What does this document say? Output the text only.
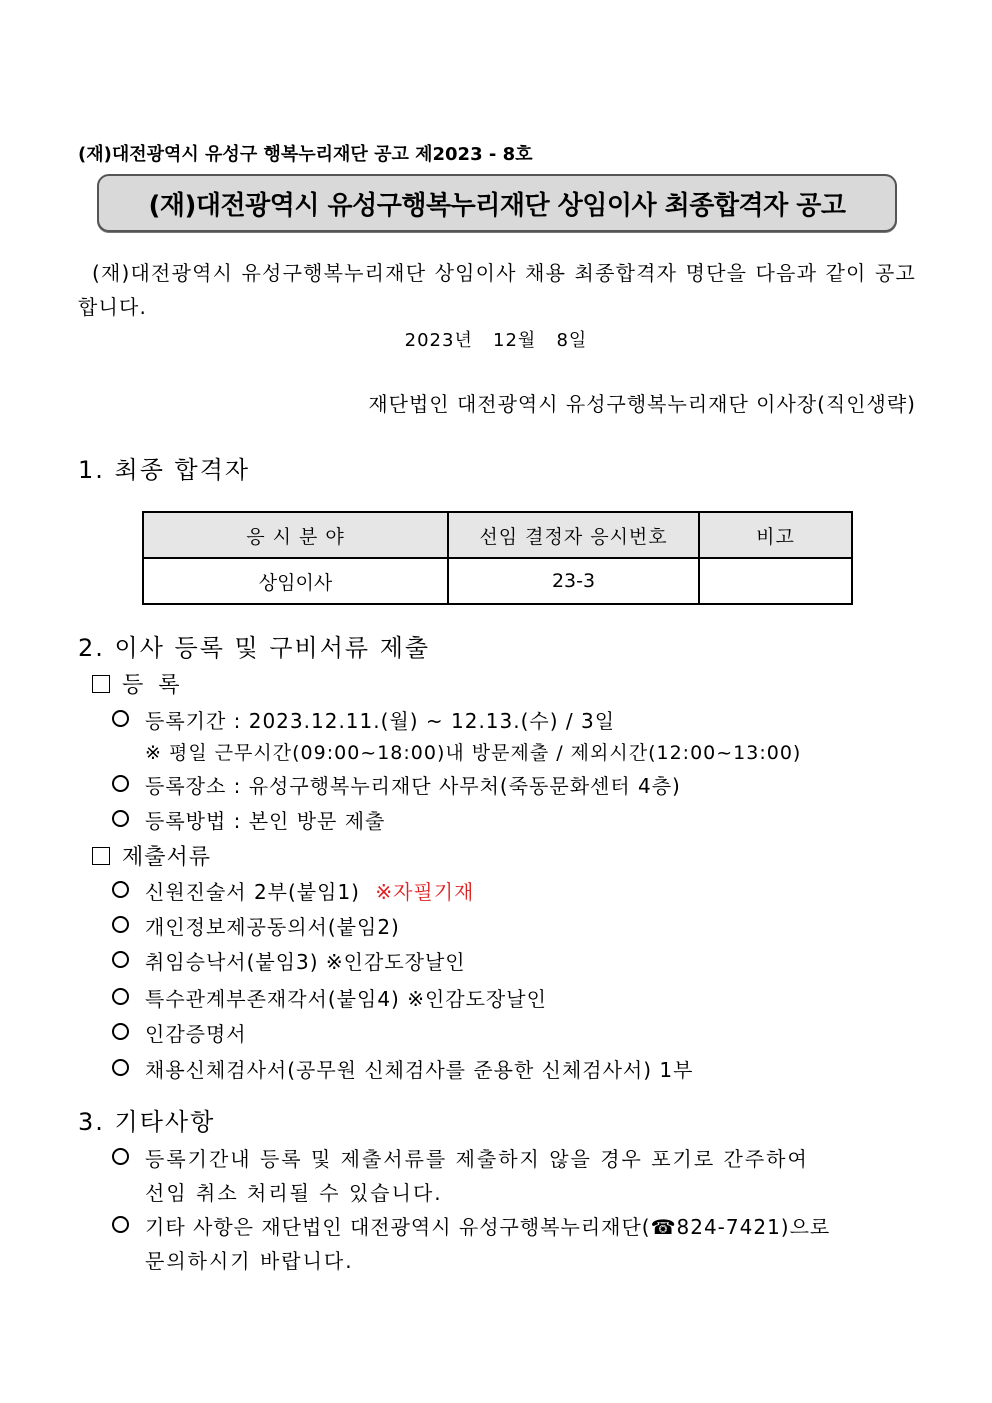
(재)대전광역시 유성구 행복누리재단 공고 제2023 - 8호
(재)대전광역시 유성구행복누리재단 상임이사 최종합격자 공고
(재)대전광역시 유성구행복누리재단 상임이사 채용 최종합격자 명단을 다음과 같이 공고합니다.
2023년   12월   8일
재단법인 대전광역시 유성구행복누리재단 이사장(직인생략)
1. 최종 합격자
응 시 분 야	선임 결정자 응시번호	비고
상임이사	23-3	
2. 이사 등록 및 구비서류 제출
등 록
등록기간 : 2023.12.11.(월) ~ 12.13.(수) / 3일
※ 평일 근무시간(09:00~18:00)내 방문제출 / 제외시간(12:00~13:00)
등록장소 : 유성구행복누리재단 사무처(죽동문화센터 4층)
등록방법 : 본인 방문 제출
제출서류
신원진술서 2부(붙임1) ※자필기재
개인정보제공동의서(붙임2)
취임승낙서(붙임3) ※인감도장날인
특수관계부존재각서(붙임4) ※인감도장날인
인감증명서
채용신체검사서(공무원 신체검사를 준용한 신체검사서) 1부
3. 기타사항
등록기간내 등록 및 제출서류를 제출하지 않을 경우 포기로 간주하여
선임 취소 처리될 수 있습니다.
기타 사항은 재단법인 대전광역시 유성구행복누리재단(☎824-7421)으로
문의하시기 바랍니다.
